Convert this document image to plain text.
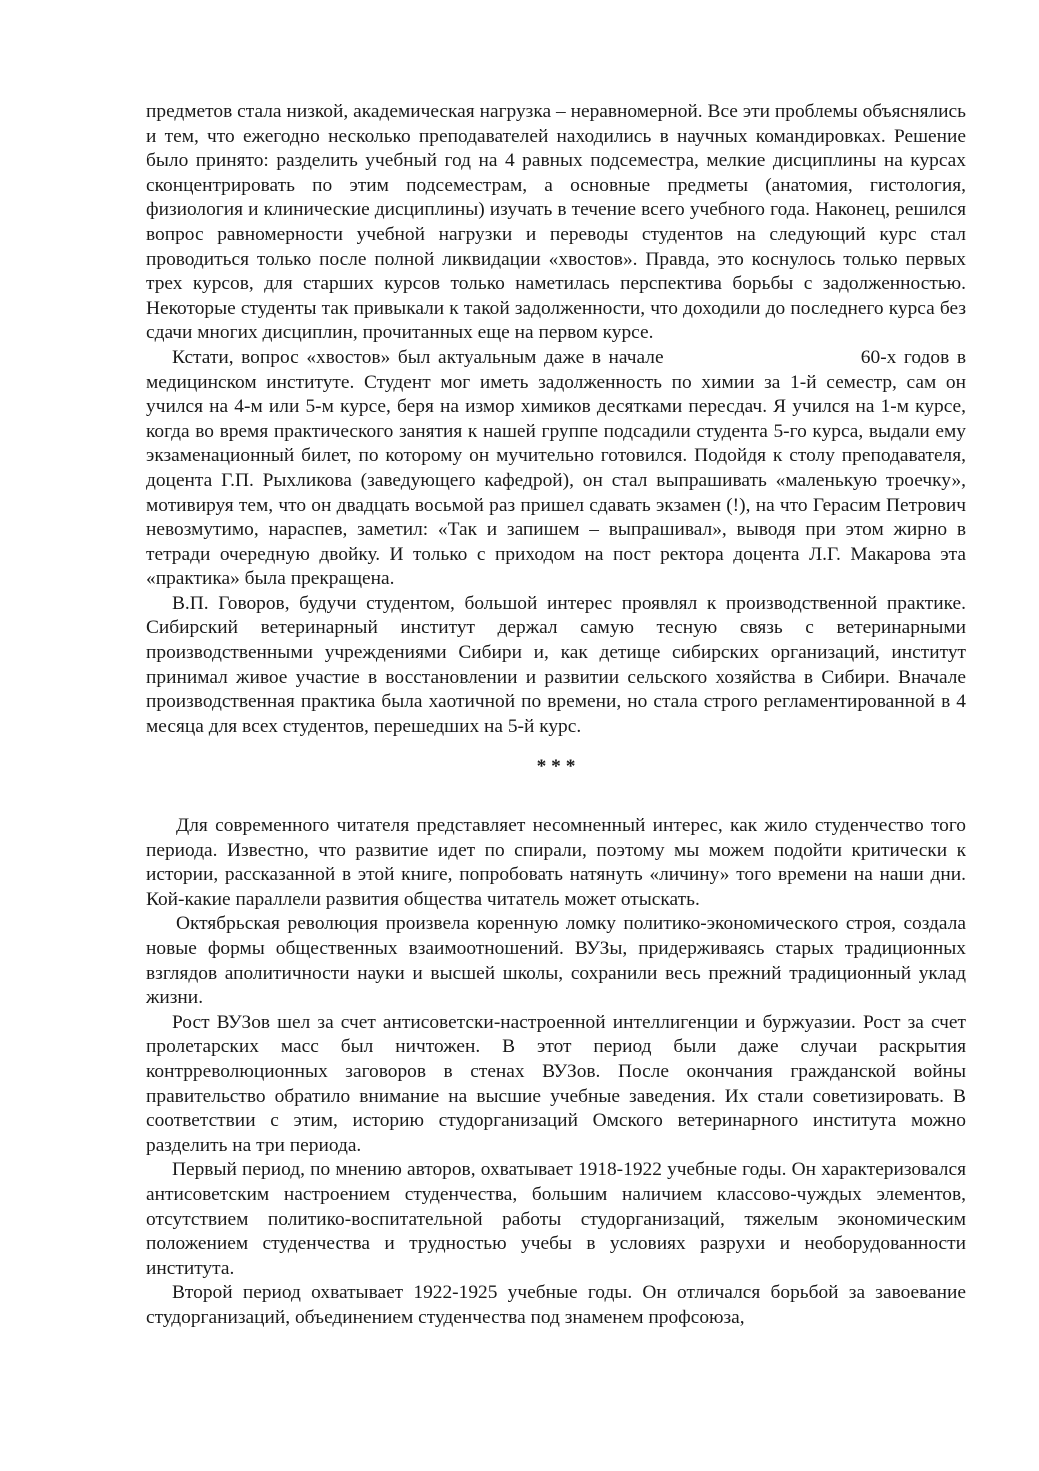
предметов стала низкой, академическая нагрузка – неравномерной. Все эти проблемы объяснялись и тем, что ежегодно несколько преподавателей находились в научных командировках. Решение было принято: разделить учебный год на 4 равных подсеместра, мелкие дисциплины на курсах сконцентрировать по этим подсеместрам, а основные предметы (анатомия, гистология, физиология и клинические дисциплины) изучать в течение всего учебного года. Наконец, решился вопрос равномерности учебной нагрузки и переводы студентов на следующий курс стал проводиться только после полной ликвидации «хвостов». Правда, это коснулось только первых трех курсов, для старших курсов только наметилась перспектива борьбы с задолженностью. Некоторые студенты так привыкали к такой задолженности, что доходили до последнего курса без сдачи многих дисциплин, прочитанных еще на первом курсе.

Кстати, вопрос «хвостов» был актуальным даже в начале                          60-х годов в медицинском институте. Студент мог иметь задолженность по химии за 1-й семестр, сам он учился на 4-м или 5-м курсе, беря на измор химиков десятками пересдач. Я учился на 1-м курсе, когда во время практического занятия к нашей группе подсадили студента 5-го курса, выдали ему экзаменационный билет, по которому он мучительно готовился. Подойдя к столу преподавателя, доцента Г.П. Рыхликова (заведующего кафедрой), он стал выпрашивать «маленькую троечку», мотивируя тем, что он двадцать восьмой раз пришел сдавать экзамен (!), на что Герасим Петрович невозмутимо, нараспев, заметил: «Так и запишем – выпрашивал», выводя при этом жирно в тетради очередную двойку. И только с приходом на пост ректора доцента Л.Г. Макарова эта «практика» была прекращена.

В.П. Говоров, будучи студентом, большой интерес проявлял к производственной практике. Сибирский ветеринарный институт держал самую тесную связь с ветеринарными производственными учреждениями Сибири и, как детище сибирских организаций, институт принимал живое участие в восстановлении и развитии сельского хозяйства в Сибири. Вначале производственная практика была хаотичной по времени, но стала строго регламентированной в 4 месяца для всех студентов, перешедших на 5-й курс.

* * *

Для современного читателя представляет несомненный интерес, как жило студенчество того периода. Известно, что развитие идет по спирали, поэтому мы можем подойти критически к истории, рассказанной в этой книге, попробовать натянуть «личину» того времени на наши дни. Кой-какие параллели развития общества читатель может отыскать.

Октябрьская революция произвела коренную ломку политико-экономического строя, создала новые формы общественных взаимоотношений. ВУЗы, придерживаясь старых традиционных взглядов аполитичности науки и высшей школы, сохранили весь прежний традиционный уклад жизни.

Рост ВУЗов шел за счет антисоветски-настроенной интеллигенции и буржуазии. Рост за счет пролетарских масс был ничтожен. В этот период были даже случаи раскрытия контрреволюционных заговоров в стенах ВУЗов. После окончания гражданской войны правительство обратило внимание на высшие учебные заведения. Их стали советизировать. В соответствии с этим, историю студорганизаций Омского ветеринарного института можно разделить на три периода.

Первый период, по мнению авторов, охватывает 1918-1922 учебные годы. Он характеризовался антисоветским настроением студенчества, большим наличием классово-чуждых элементов, отсутствием политико-воспитательной работы студорганизаций, тяжелым экономическим положением студенчества и трудностью учебы в условиях разрухи и необорудованности института.

Второй период охватывает 1922-1925 учебные годы. Он отличался борьбой за завоевание студорганизаций, объединением студенчества под знаменем профсоюза,
